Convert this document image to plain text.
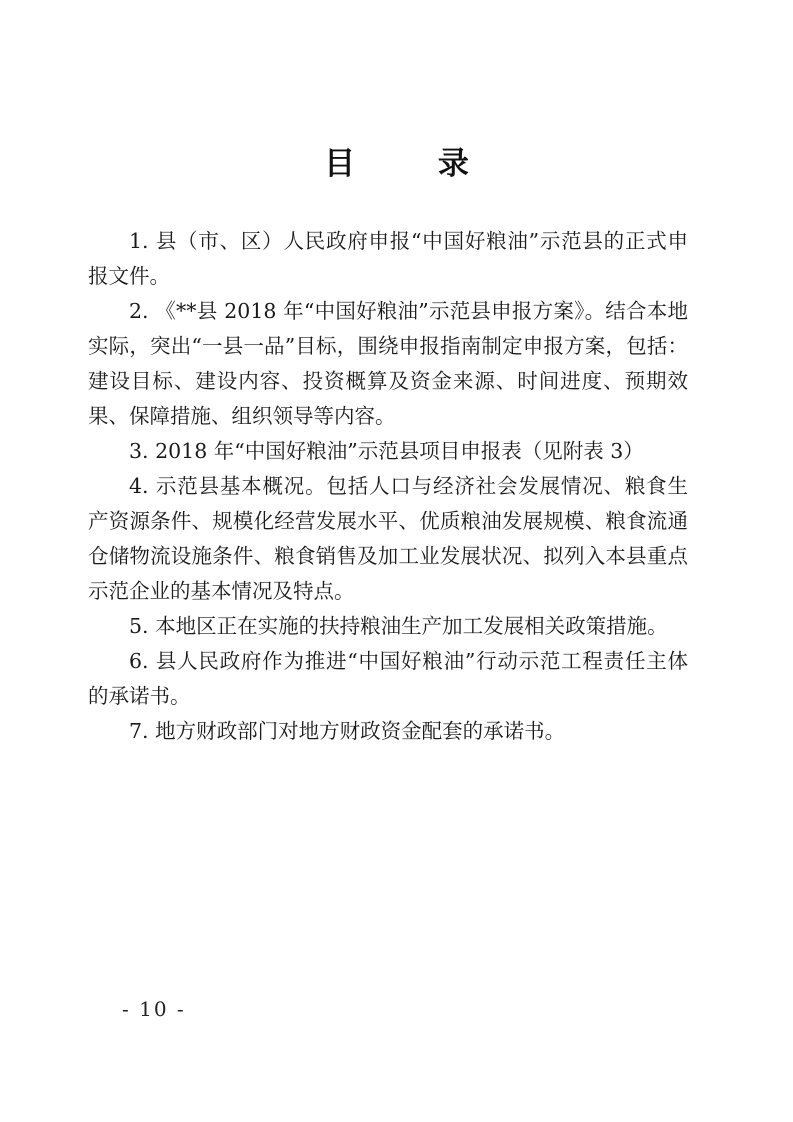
目 录

1. 县（市、区）人民政府申报“中国好粮油”示范县的正式申报文件。

2. 《**县 2018 年“中国好粮油”示范县申报方案》。结合本地实际，突出“一县一品”目标，围绕申报指南制定申报方案，包括：建设目标、建设内容、投资概算及资金来源、时间进度、预期效果、保障措施、组织领导等内容。

3. 2018 年“中国好粮油”示范县项目申报表（见附表 3）

4. 示范县基本概况。包括人口与经济社会发展情况、粮食生产资源条件、规模化经营发展水平、优质粮油发展规模、粮食流通仓储物流设施条件、粮食销售及加工业发展状况、拟列入本县重点示范企业的基本情况及特点。

5. 本地区正在实施的扶持粮油生产加工发展相关政策措施。

6. 县人民政府作为推进“中国好粮油”行动示范工程责任主体的承诺书。

7. 地方财政部门对地方财政资金配套的承诺书。

- 10 -
